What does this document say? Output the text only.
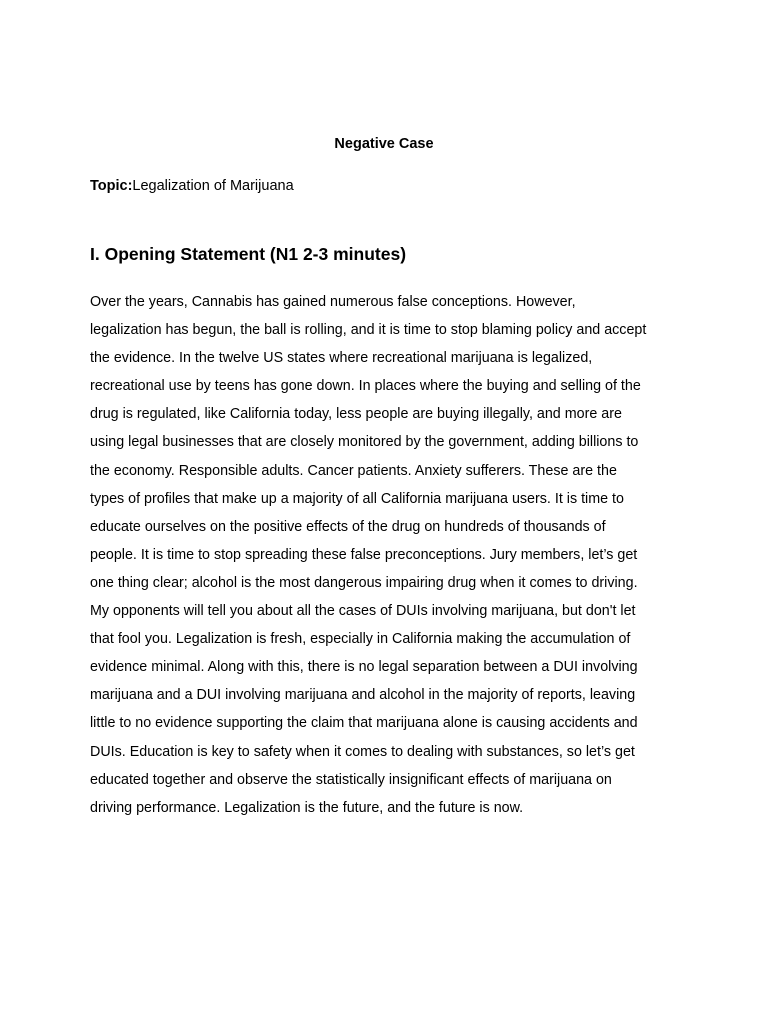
Negative Case
Topic:Legalization of Marijuana
I. Opening Statement (N1 2-3 minutes)

Over the years, Cannabis has gained numerous false conceptions. However,
legalization has begun, the ball is rolling, and it is time to stop blaming policy and accept
the evidence. In the twelve US states where recreational marijuana is legalized,
recreational use by teens has gone down. In places where the buying and selling of the
drug is regulated, like California today, less people are buying illegally, and more are
using legal businesses that are closely monitored by the government, adding billions to
the economy. Responsible adults. Cancer patients. Anxiety sufferers. These are the
types of profiles that make up a majority of all California marijuana users. It is time to
educate ourselves on the positive effects of the drug on hundreds of thousands of
people. It is time to stop spreading these false preconceptions. Jury members, let’s get
one thing clear; alcohol is the most dangerous impairing drug when it comes to driving.
My opponents will tell you about all the cases of DUIs involving marijuana, but don't let
that fool you. Legalization is fresh, especially in California making the accumulation of
evidence minimal. Along with this, there is no legal separation between a DUI involving
marijuana and a DUI involving marijuana and alcohol in the majority of reports, leaving
little to no evidence supporting the claim that marijuana alone is causing accidents and
DUIs. Education is key to safety when it comes to dealing with substances, so let’s get
educated together and observe the statistically insignificant effects of marijuana on
driving performance. Legalization is the future, and the future is now.
